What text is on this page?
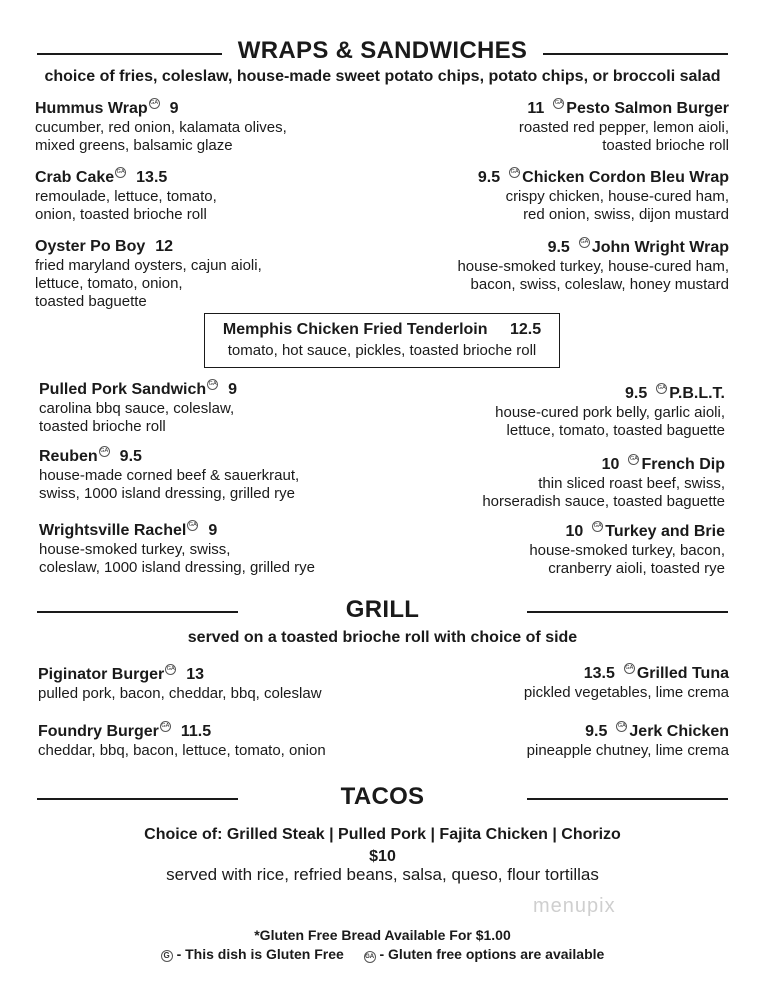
WRAPS & SANDWICHES
choice of fries, coleslaw, house-made sweet potato chips, potato chips, or broccoli salad
Hummus Wrap GA 9
cucumber, red onion, kalamata olives,
mixed greens, balsamic glaze
Crab Cake GA 13.5
remoulade, lettuce, tomato,
onion, toasted brioche roll
Oyster Po Boy 12
fried maryland oysters, cajun aioli,
lettuce, tomato, onion,
toasted baguette
11 GA Pesto Salmon Burger
roasted red pepper, lemon aioli,
toasted brioche roll
9.5 GA Chicken Cordon Bleu Wrap
crispy chicken, house-cured ham,
red onion, swiss, dijon mustard
9.5 GA John Wright Wrap
house-smoked turkey, house-cured ham,
bacon, swiss, coleslaw, honey mustard
Memphis Chicken Fried Tenderloin 12.5
tomato, hot sauce, pickles, toasted brioche roll
Pulled Pork Sandwich GA 9
carolina bbq sauce, coleslaw,
toasted brioche roll
Reuben GA 9.5
house-made corned beef & sauerkraut,
swiss, 1000 island dressing, grilled rye
Wrightsville Rachel GA 9
house-smoked turkey, swiss,
coleslaw, 1000 island dressing, grilled rye
9.5 GA P.B.L.T.
house-cured pork belly, garlic aioli,
lettuce, tomato, toasted baguette
10 GA French Dip
thin sliced roast beef, swiss,
horseradish sauce, toasted baguette
10 GA Turkey and Brie
house-smoked turkey, bacon,
cranberry aioli, toasted rye
GRILL
served on a toasted brioche roll with choice of side
Piginator Burger GA 13
pulled pork, bacon, cheddar, bbq, coleslaw
Foundry Burger GA 11.5
cheddar, bbq, bacon, lettuce, tomato, onion
13.5 GA Grilled Tuna
pickled vegetables, lime crema
9.5 GA Jerk Chicken
pineapple chutney, lime crema
TACOS
Choice of: Grilled Steak | Pulled Pork | Fajita Chicken | Chorizo
$10
served with rice, refried beans, salsa, queso, flour tortillas
menupix
*Gluten Free Bread Available For $1.00
G - This dish is Gluten Free	GA - Gluten free options are available
